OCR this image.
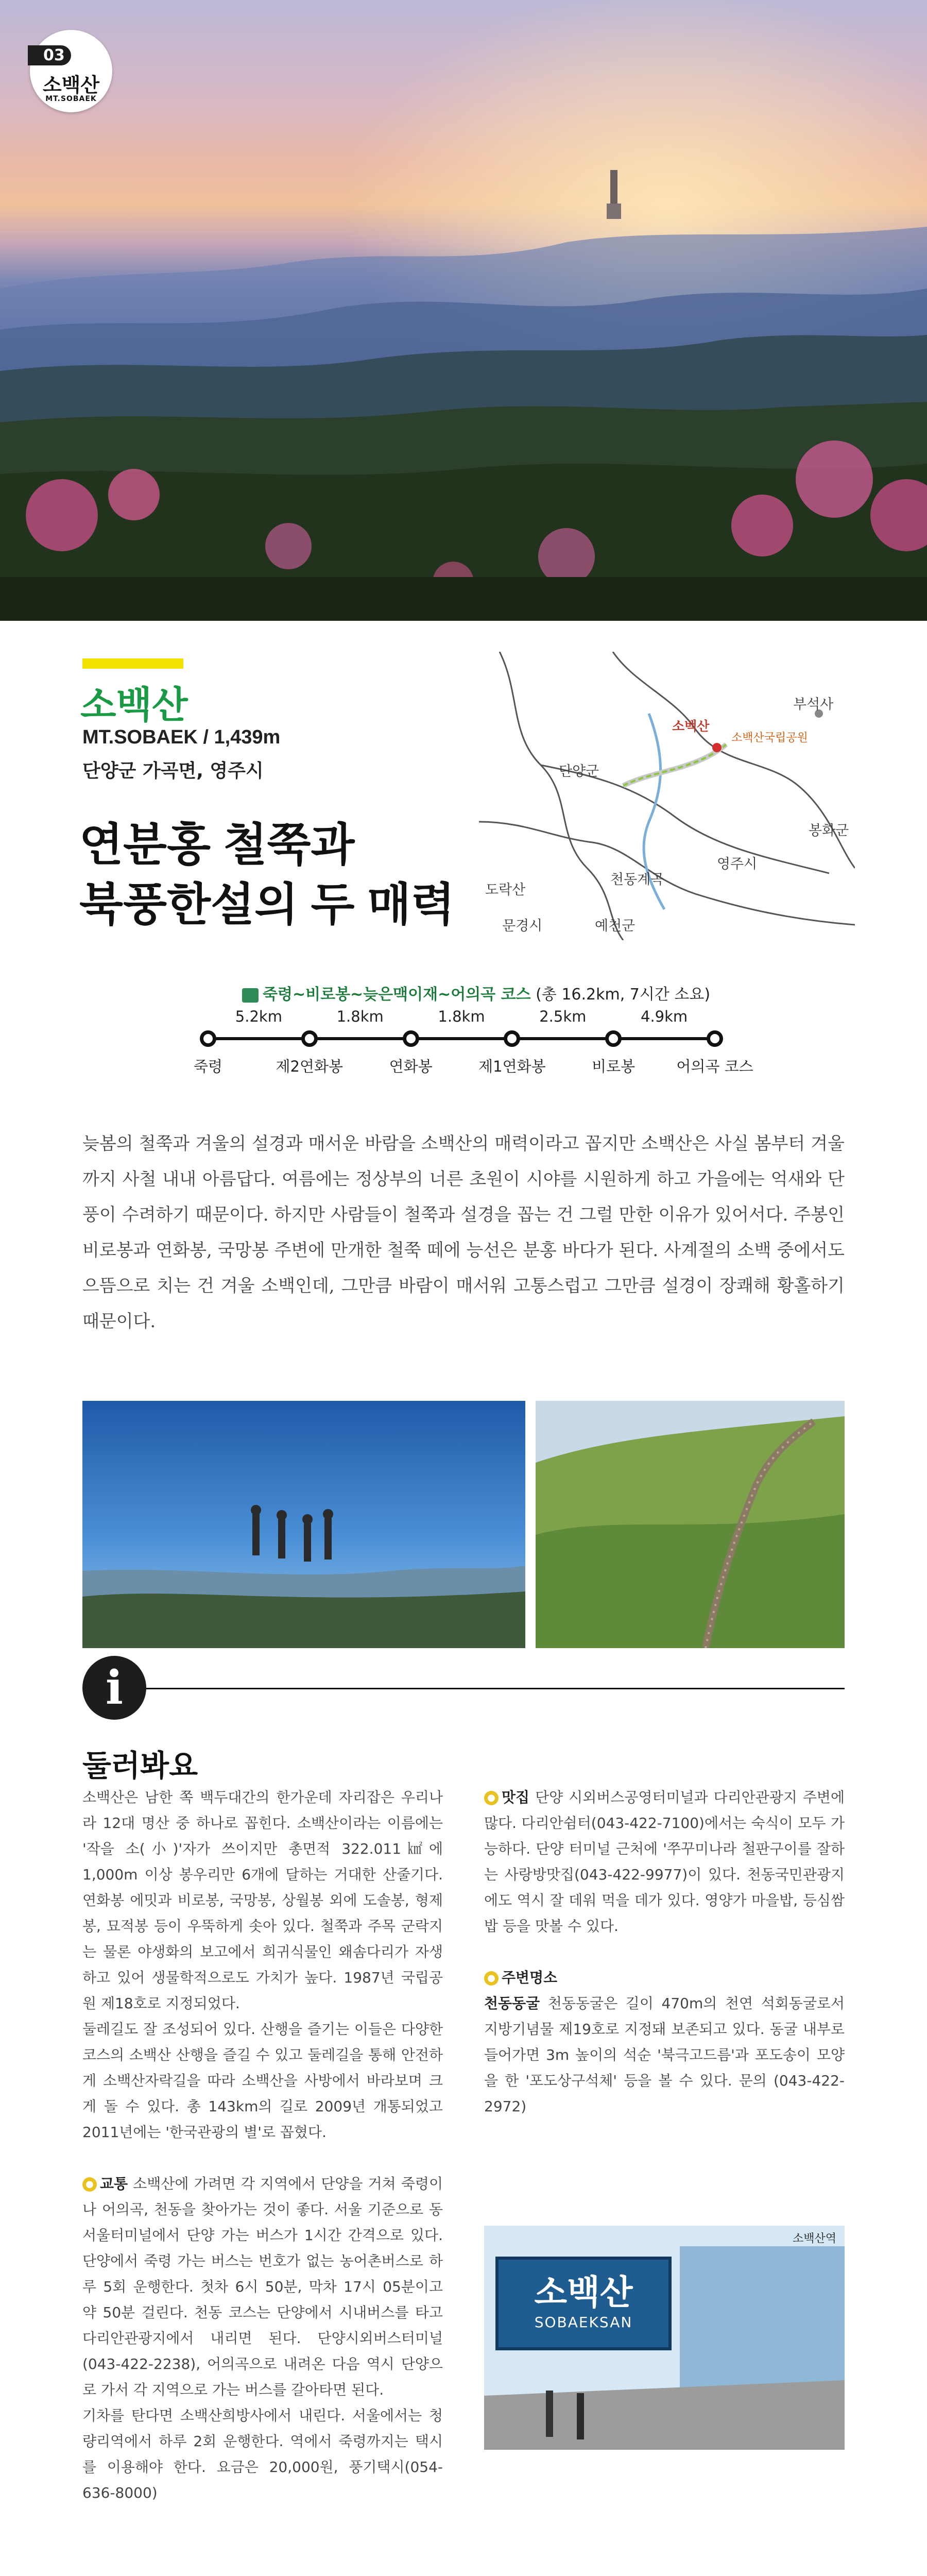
03
소백산
MT.SOBAEK
소백산
MT.SOBAEK / 1,439m
단양군 가곡면, 영주시
연분홍 철쭉과
북풍한설의 두 매력
소백산
소백산국립공원
부석사
영주시
봉화군
단양군
도락산
천동계곡
문경시	예천군
죽령~비로봉~늦은맥이재~어의곡 코스 (총 16.2km, 7시간 소요)
죽령
5.2km
제2연화봉
1.8km
연화봉
1.8km
제1연화봉
2.5km
비로봉
4.9km
어의곡 코스
늦봄의 철쭉과 겨울의 설경과 매서운 바람을 소백산의 매력이라고 꼽지만 소백산은 사실 봄부터 겨울까지 사철 내내 아름답다. 여름에는 정상부의 너른 초원이 시야를 시원하게 하고 가을에는 억새와 단풍이 수려하기 때문이다. 하지만 사람들이 철쭉과 설경을 꼽는 건 그럴 만한 이유가 있어서다. 주봉인 비로봉과 연화봉, 국망봉 주변에 만개한 철쭉 떼에 능선은 분홍 바다가 된다. 사계절의 소백 중에서도 으뜸으로 치는 건 겨울 소백인데, 그만큼 바람이 매서워 고통스럽고 그만큼 설경이 장쾌해 황홀하기 때문이다.
i
둘러봐요
소백산은 남한 쪽 백두대간의 한가운데 자리잡은 우리나라 12대 명산 중 하나로 꼽힌다. 소백산이라는 이름에는 '작을 소(小)'자가 쓰이지만 총면적 322.011㎢에 1,000m 이상 봉우리만 6개에 달하는 거대한 산줄기다. 연화봉 에밋과 비로봉, 국망봉, 상월봉 외에 도솔봉, 형제봉, 묘적봉 등이 우뚝하게 솟아 있다. 철쭉과 주목 군락지는 물론 야생화의 보고에서 희귀식물인 왜솜다리가 자생하고 있어 생물학적으로도 가치가 높다. 1987년 국립공원 제18호로 지정되었다.
둘레길도 잘 조성되어 있다. 산행을 즐기는 이들은 다양한 코스의 소백산 산행을 즐길 수 있고 둘레길을 통해 안전하게 소백산자락길을 따라 소백산을 사방에서 바라보며 크게 돌 수 있다. 총 143km의 길로 2009년 개통되었고 2011년에는 '한국관광의 별'로 꼽혔다.
● 교통 소백산에 가려면 각 지역에서 단양을 거쳐 죽령이나 어의곡, 천동을 찾아가는 것이 좋다. 서울 기준으로 동서울터미널에서 단양 가는 버스가 1시간 간격으로 있다. 단양에서 죽령 가는 버스는 번호가 없는 농어촌버스로 하루 5회 운행한다. 첫차 6시 50분, 막차 17시 05분이고 약 50분 걸린다. 천동 코스는 단양에서 시내버스를 타고 다리안관광지에서 내리면 된다. 단양시외버스터미널(043-422-2238), 어의곡으로 내려온 다음 역시 단양으로 가서 각 지역으로 가는 버스를 갈아타면 된다.
기차를 탄다면 소백산희방사에서 내린다. 서울에서는 청량리역에서 하루 2회 운행한다. 역에서 죽령까지는 택시를 이용해야 한다. 요금은 20,000원, 풍기택시(054-636-8000)
● 맛집 단양 시외버스공영터미널과 다리안관광지 주변에 많다. 다리안쉼터(043-422-7100)에서는 숙식이 모두 가능하다. 단양 터미널 근처에 '쭈꾸미나라 철판구이를 잘하는 사랑방맛집(043-422-9977)이 있다. 천동국민관광지에도 역시 잘 데워 먹을 데가 있다. 영양가 마을밥, 등심쌈밥 등을 맛볼 수 있다.
● 주변명소
천동동굴 천동동굴은 길이 470m의 천연 석회동굴로서 지방기념물 제19호로 지정돼 보존되고 있다. 동굴 내부로 들어가면 3m 높이의 석순 '북극고드름'과 포도송이 모양을 한 '포도상구석체' 등을 볼 수 있다. 문의 (043-422-2972)
소백산
SOBAEKSAN
소백산역
